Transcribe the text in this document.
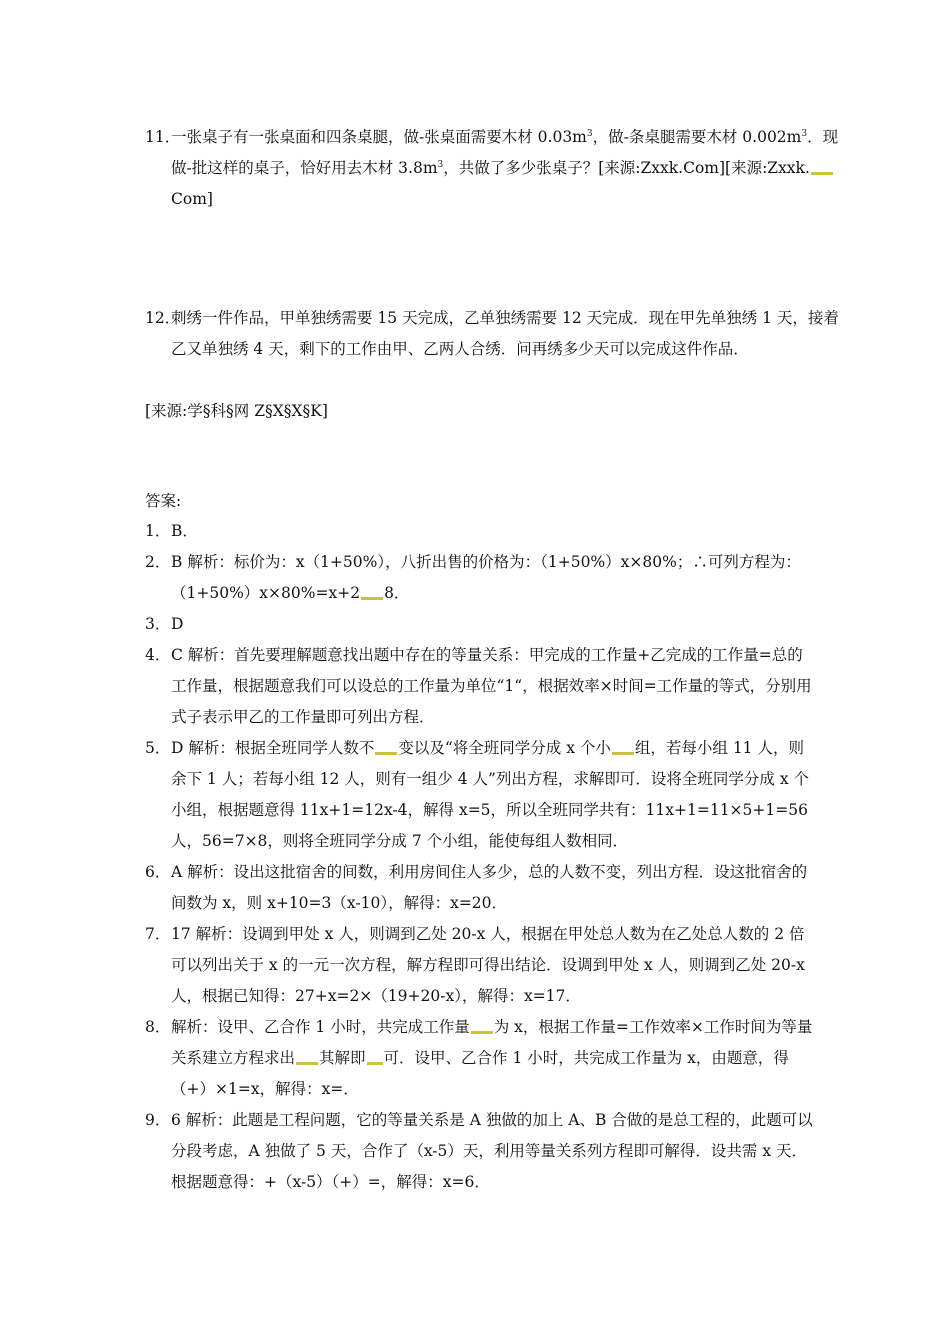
11．一张桌子有一张桌面和四条桌腿，做-张桌面需要木材 $0.03m^3$，做-条桌腿需要木材 $0.002m^3$．现做-批这样的桌子，恰好用去木材 $3.8m^3$，共做了多少张桌子？[来源:Zxxk.Com][来源:Zxxk.Com]
12．刺绣一件作品，甲单独绣需要 15 天完成，乙单独绣需要 12 天完成．现在甲先单独绣 1 天，接着乙又单独绣 4 天，剩下的工作由甲、乙两人合绣．问再绣多少天可以完成这件作品．
[来源:学§科§网 Z§X§X§K]
答案:
1．B．
2．B 解析：标价为：x（1+50%），八折出售的价格为：（1+50%）x×80%；∴可列方程为：（1+50%）x×80%=x+2 8．
3．D
4．C 解析：首先要理解题意找出题中存在的等量关系：甲完成的工作量+乙完成的工作量=总的工作量，根据题意我们可以设总的工作量为单位“1“，根据效率×时间=工作量的等式，分别用式子表示甲乙的工作量即可列出方程．
5．D 解析：根据全班同学人数不 变以及“将全班同学分成 x 个小 组，若每小组 11 人，则余下 1 人；若每小组 12 人，则有一组少 4 人”列出方程，求解即可．设将全班同学分成 x 个小组，根据题意得 11x+1=12x-4，解得 x=5，所以全班同学共有：11x+1=11×5+1=56 人，56=7×8，则将全班同学分成 7 个小组，能使每组人数相同．
6．A 解析：设出这批宿舍的间数，利用房间住人多少，总的人数不变，列出方程．设这批宿舍的间数为 x，则 x+10=3（x-10），解得：x=20．
7．17 解析：设调到甲处 x 人，则调到乙处 20-x 人，根据在甲处总人数为在乙处总人数的 2 倍可以列出关于 x 的一元一次方程，解方程即可得出结论．设调到甲处 x 人，则调到乙处 20-x 人，根据已知得：27+x=2×（19+20-x），解得：x=17．
8．解析：设甲、乙合作 1 小时，共完成工作量 为 x，根据工作量=工作效率×工作时间为等量关系建立方程求出 其解即 可．设甲、乙合作 1 小时，共完成工作量为 x，由题意，得（+）×1=x，解得：x=．
9．6 解析：此题是工程问题，它的等量关系是 A 独做的加上 A、B 合做的是总工程的，此题可以分段考虑，A 独做了 5 天，合作了（x-5）天，利用等量关系列方程即可解得．设共需 x 天．根据题意得：+（x-5）（+）=，解得：x=6．
